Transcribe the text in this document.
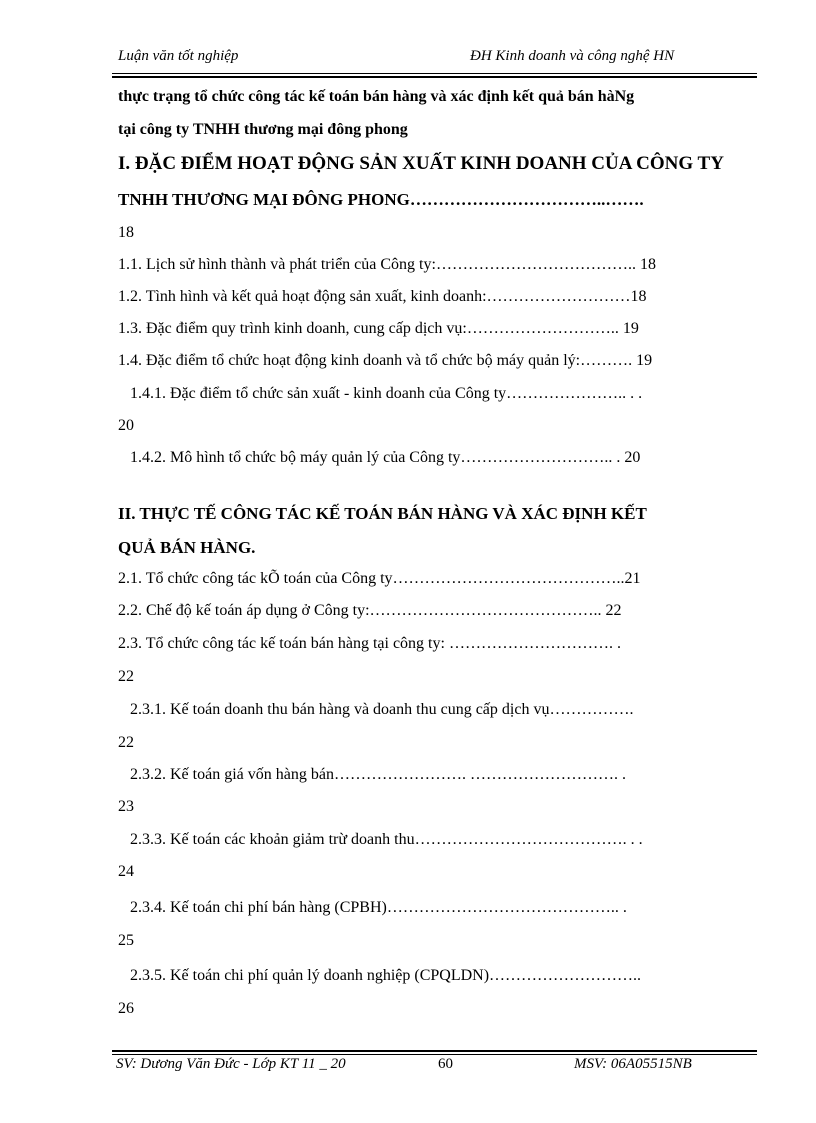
Luận văn tốt nghiệp	ĐH Kinh doanh và công nghệ HN
thực trạng tổ chức công tác kế toán bán hàng và xác định kết quả bán hàNg
tại công ty TNHH thương mại đông phong
I. ĐẶC ĐIỂM HOẠT ĐỘNG SẢN XUẤT KINH DOANH CỦA CÔNG TY
TNHH THƯƠNG MẠI ĐÔNG PHONG……………………………..…….
18
1.1. Lịch sử hình thành và phát triển của Công ty:……………………………….. 18
1.2. Tình hình và kết quả hoạt động sản xuất, kinh doanh:………………………18
1.3. Đặc điểm quy trình kinh doanh, cung cấp dịch vụ:……………………….. 19
1.4. Đặc điểm tổ chức hoạt động kinh doanh và tổ chức bộ máy quản lý:………. 19
1.4.1. Đặc điểm tổ chức sản xuất - kinh doanh của Công ty………………….. . .
20
1.4.2. Mô hình tổ chức bộ máy quản lý của Công ty……………………….. . 20
II. THỰC TẾ CÔNG TÁC KẾ TOÁN BÁN HÀNG VÀ XÁC ĐỊNH KẾT
QUẢ BÁN HÀNG.
2.1. Tổ chức công tác kÕ toán của Công ty……………………………………..21
2.2. Chế độ kế toán áp dụng ở Công ty:…………………………………….. 22
2.3. Tổ chức công tác kế toán bán hàng tại công ty: …………………………. .
22
2.3.1. Kế toán doanh thu bán hàng và doanh thu cung cấp dịch vụ…………….
22
2.3.2. Kế toán giá vốn hàng bán……………………. ………………………. .
23
2.3.3. Kế toán các khoản giảm trừ doanh thu…………………………………. . .
24
2.3.4. Kế toán chi phí bán hàng (CPBH)…………………………………….. .
25
2.3.5. Kế toán chi phí quản lý doanh nghiệp (CPQLDN)………………………..
26
SV: Dương Văn Đức - Lớp KT 11 _ 20	60	MSV: 06A05515NB
